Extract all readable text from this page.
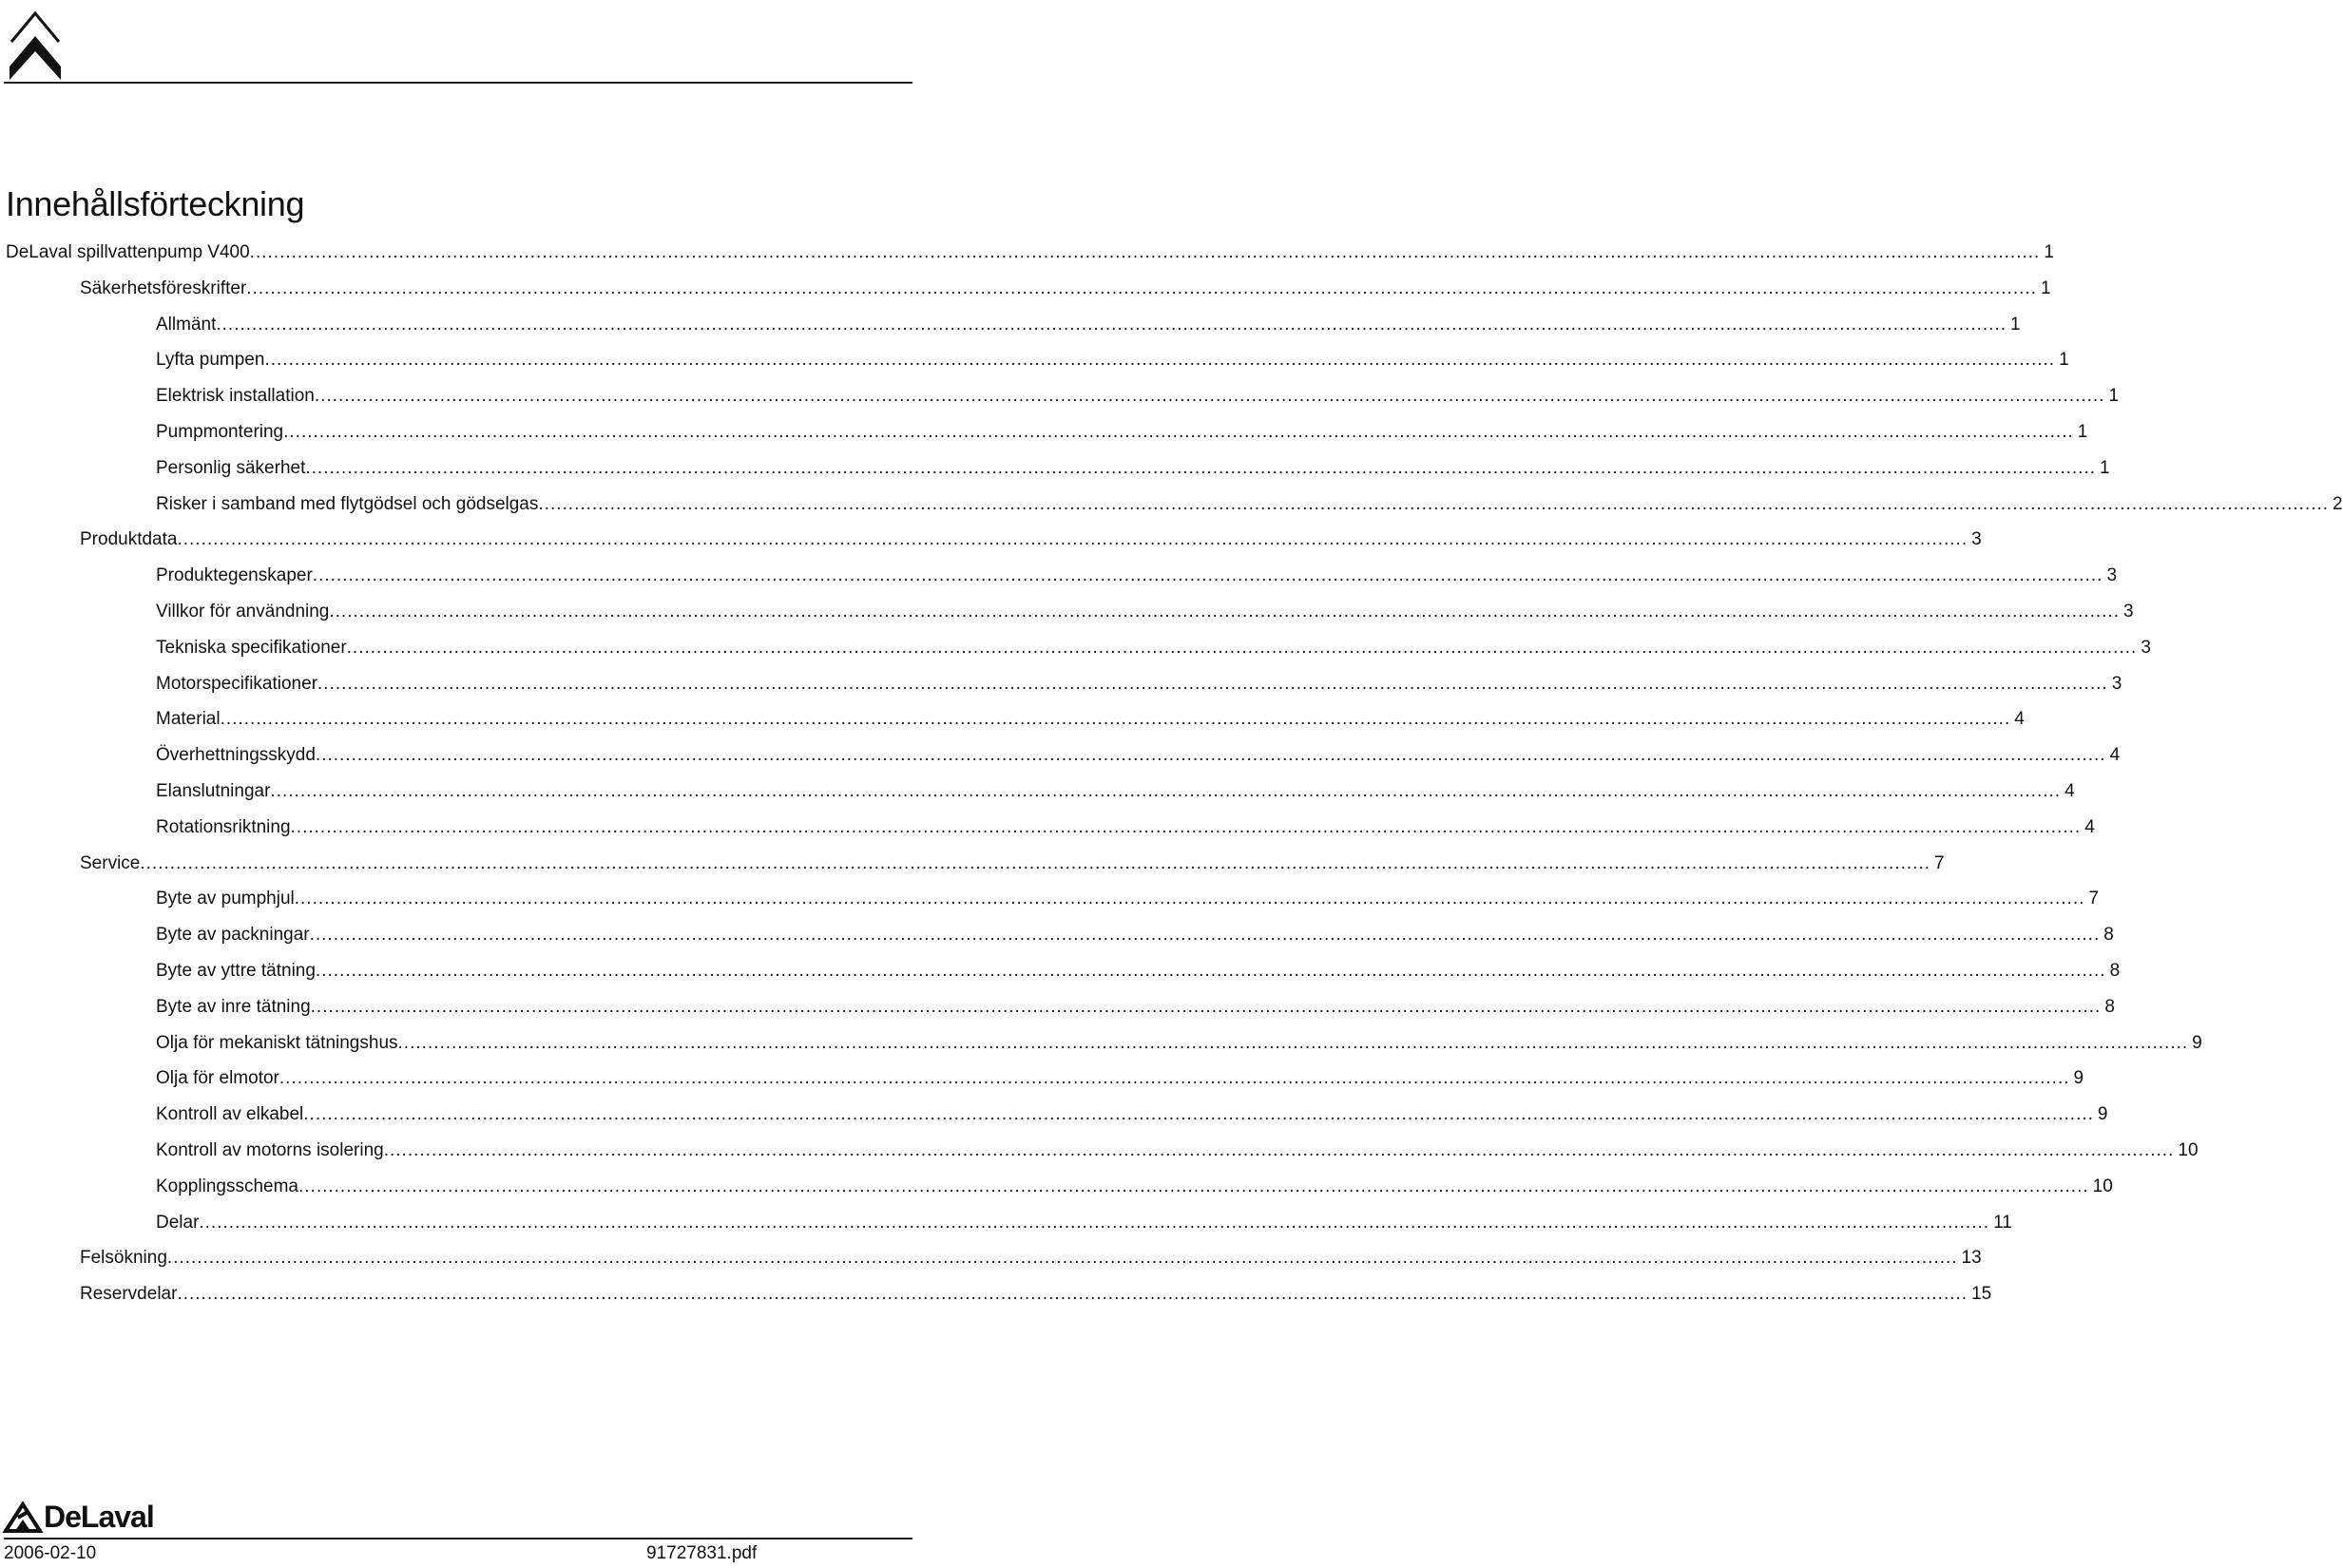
Innehållsförteckning
DeLaval spillvattenpump V400 ............................................................................................................................................................................................................................................................................................................ 1
Säkerhetsföreskrifter ............................................................................................................................................................................................................................................................................................................ 1
Allmänt ............................................................................................................................................................................................................................................................................................................ 1
Lyfta pumpen ............................................................................................................................................................................................................................................................................................................ 1
Elektrisk installation ............................................................................................................................................................................................................................................................................................................ 1
Pumpmontering ............................................................................................................................................................................................................................................................................................................ 1
Personlig säkerhet ............................................................................................................................................................................................................................................................................................................ 1
Risker i samband med flytgödsel och gödselgas ............................................................................................................................................................................................................................................................................................................ 2
Produktdata ............................................................................................................................................................................................................................................................................................................ 3
Produktegenskaper ............................................................................................................................................................................................................................................................................................................ 3
Villkor för användning ............................................................................................................................................................................................................................................................................................................ 3
Tekniska specifikationer ............................................................................................................................................................................................................................................................................................................ 3
Motorspecifikationer ............................................................................................................................................................................................................................................................................................................ 3
Material ............................................................................................................................................................................................................................................................................................................ 4
Överhettningsskydd ............................................................................................................................................................................................................................................................................................................ 4
Elanslutningar ............................................................................................................................................................................................................................................................................................................ 4
Rotationsriktning ............................................................................................................................................................................................................................................................................................................ 4
Service ............................................................................................................................................................................................................................................................................................................ 7
Byte av pumphjul ............................................................................................................................................................................................................................................................................................................ 7
Byte av packningar ............................................................................................................................................................................................................................................................................................................ 8
Byte av yttre tätning ............................................................................................................................................................................................................................................................................................................ 8
Byte av inre tätning ............................................................................................................................................................................................................................................................................................................ 8
Olja för mekaniskt tätningshus ............................................................................................................................................................................................................................................................................................................ 9
Olja för elmotor ............................................................................................................................................................................................................................................................................................................ 9
Kontroll av elkabel ............................................................................................................................................................................................................................................................................................................ 9
Kontroll av motorns isolering ............................................................................................................................................................................................................................................................................................................ 10
Kopplingsschema ............................................................................................................................................................................................................................................................................................................ 10
Delar ............................................................................................................................................................................................................................................................................................................ 11
Felsökning ............................................................................................................................................................................................................................................................................................................ 13
Reservdelar ............................................................................................................................................................................................................................................................................................................ 15
DeLaval
2006-02-10	91727831.pdf
